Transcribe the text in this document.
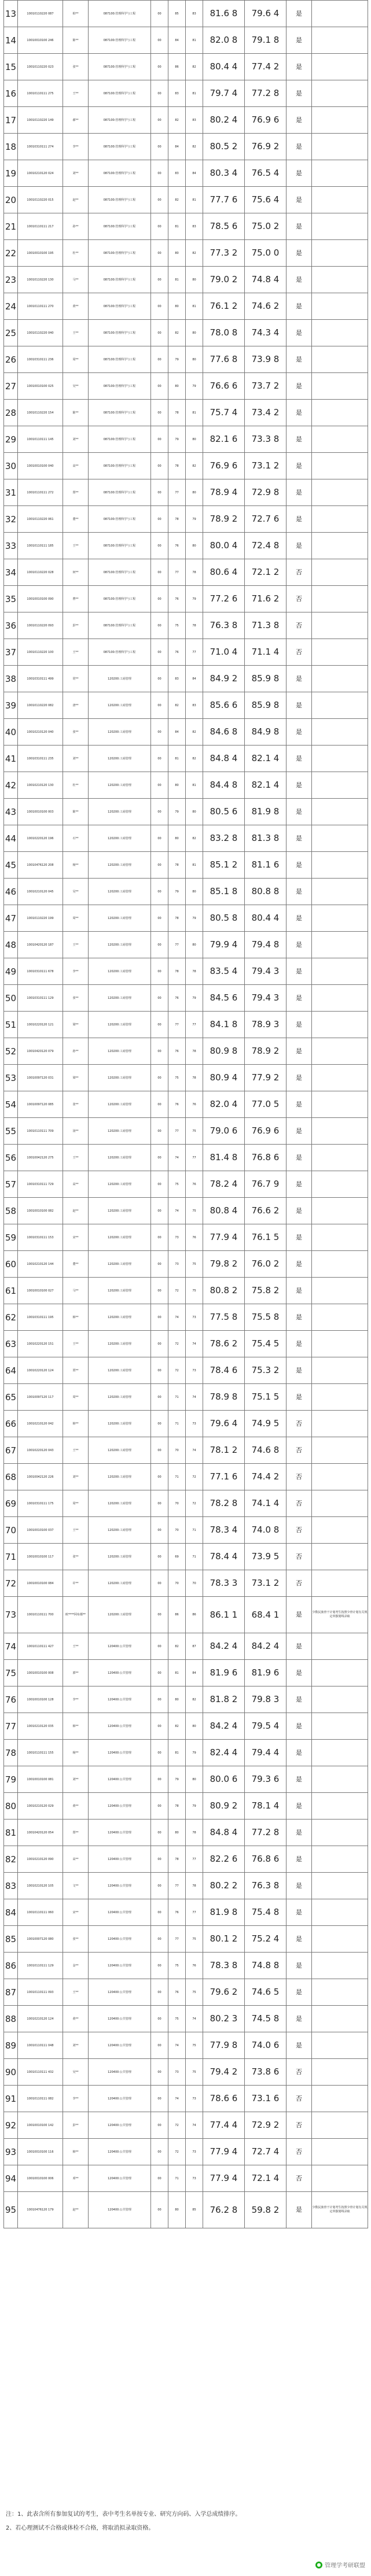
13	10010110220 087	柏**	087100:管理科学与工程	00	85	83	81.6 8	79.6 4	是	
14	10010010100 246	陈**	087100:管理科学与工程	00	84	81	82.0 8	79.1 8	是	
15	10010110220 023	张**	087100:管理科学与工程	00	86	82	80.4 4	77.4 2	是	
16	10010110111 275	王**	087100:管理科学与工程	00	83	81	79.7 4	77.2 8	是	
17	10010110220 149	郝**	087100:管理科学与工程	00	82	83	80.2 4	76.9 6	是	
18	10010310111 274	李**	087100:管理科学与工程	00	84	82	80.5 2	76.9 2	是	
19	10010210120 024	刘**	087100:管理科学与工程	00	83	84	80.3 4	76.5 4	是	
20	10010110220 015	赵**	087100:管理科学与工程	00	82	81	77.7 6	75.6 4	是	
21	10010110111 217	孙**	087100:管理科学与工程	00	81	83	78.5 6	75.0 2	是	
22	10010010100 195	杜**	087100:管理科学与工程	00	80	82	77.3 2	75.0 0	是	
23	10010110220 130	马**	087100:管理科学与工程	00	81	80	79.0 2	74.8 4	是	
24	10010110111 270	黄**	087100:管理科学与工程	00	80	81	76.1 2	74.6 2	是	
25	10010110220 040	王**	087100:管理科学与工程	00	82	80	78.0 8	74.3 4	是	
26	10010310111 236	周**	087100:管理科学与工程	00	79	80	77.6 8	73.9 8	是	
27	10010010100 025	吴**	087100:管理科学与工程	00	80	79	76.6 6	73.7 2	是	
28	10010110220 154	陈**	087100:管理科学与工程	00	78	81	75.7 4	73.4 2	是	
29	10010110111 145	刘**	087100:管理科学与工程	00	79	80	82.1 6	73.3 8	是	
30	10010010100 040	高**	087100:管理科学与工程	00	78	82	76.9 6	73.1 2	是	
31	10010110111 272	郑**	087100:管理科学与工程	00	77	80	78.9 4	72.9 8	是	
32	10010110220 061	董**	087100:管理科学与工程	00	78	79	78.9 2	72.7 6	是	
33	10010110111 185	王**	087100:管理科学与工程	00	76	80	80.0 4	72.4 8	是	
34	10010110220 028	何**	087100:管理科学与工程	00	77	78	80.6 4	72.1 2	否	
35	10010010100 090	曹**	087100:管理科学与工程	00	76	79	77.2 6	71.6 2	否	
36	10010110220 093	彭**	087100:管理科学与工程	00	75	78	76.3 8	71.3 8	否	
37	10010110220 100	王**	087100:管理科学与工程	00	76	77	71.0 4	71.1 4	否	
38	10010310111 499	常**	120200:工商管理	00	83	84	84.9 2	85.9 8	是	
39	10010110220 082	唐**	120200:工商管理	00	82	83	85.6 6	85.9 8	是	
40	10010210120 040	张**	120200:工商管理	00	84	82	84.6 8	84.9 8	是	
41	10010310111 235	刘**	120200:工商管理	00	81	82	84.8 4	82.1 4	是	
42	10010210120 130	杜**	120200:工商管理	00	80	81	84.4 8	82.1 4	是	
43	10010010100 003	陈**	120200:工商管理	00	79	80	80.5 6	81.9 8	是	
44	10010220120 196	石**	120200:工商管理	00	80	82	83.2 8	81.3 8	是	
45	10010476120 208	杨**	120200:工商管理	00	78	81	85.1 2	81.1 6	是	
46	10010210120 045	吴**	120200:工商管理	00	79	80	85.1 8	80.8 8	是	
47	10010110220 199	周**	120200:工商管理	00	78	79	80.5 8	80.4 4	是	
48	10010420120 187	王**	120200:工商管理	00	77	80	79.9 4	79.4 8	是	
49	10010310111 678	李**	120200:工商管理	00	78	78	83.5 4	79.4 3	是	
50	10010310111 129	张**	120200:工商管理	00	76	79	84.5 6	79.4 3	是	
51	10010220120 121	梁**	120200:工商管理	00	77	77	84.1 8	78.9 3	是	
52	10010420120 079	孙**	120200:工商管理	00	76	78	80.9 8	78.9 2	是	
53	10010097120 031	梁**	120200:工商管理	00	75	78	80.9 4	77.9 2	是	
54	10010097120 085	张**	120200:工商管理	00	76	76	82.0 4	77.0 5	是	
55	10010110111 709	汤**	120200:工商管理	00	77	75	79.0 6	76.9 6	是	
56	10010042120 275	王**	120200:工商管理	00	74	77	81.4 8	76.8 6	是	
57	10010310111 729	高**	120200:工商管理	00	75	76	78.2 4	76.7 9	是	
58	10010010100 082	赵**	120200:工商管理	00	74	75	80.8 4	76.6 2	是	
59	10010310111 153	宋**	120200:工商管理	00	73	76	77.9 4	76.1 5	是	
60	10010210120 144	董**	120200:工商管理	00	73	75	79.8 2	76.0 2	是	
61	10010010100 027	马**	120200:工商管理	00	72	75	80.8 2	75.8 2	是	
62	10010310111 195	韩**	120200:工商管理	00	74	73	77.5 8	75.5 8	是	
63	10010220120 151	王**	120200:工商管理	00	72	74	78.6 2	75.4 5	是	
64	10010220120 124	贾**	120200:工商管理	00	72	73	78.4 6	75.3 2	是	
65	10010097120 117	周**	120200:工商管理	00	71	74	78.9 8	75.1 5	是	
66	10010210120 042	韩**	120200:工商管理	00	71	73	79.6 4	74.9 5	否	
67	10010220120 043	王**	120200:工商管理	00	70	74	78.1 2	74.6 8	否	
68	10010042120 226	刘**	120200:工商管理	00	71	72	77.1 6	74.4 2	否	
69	10010310111 175	周**	120200:工商管理	00	70	72	78.2 8	74.1 4	否	
70	10010010100 037	王**	120200:工商管理	00	70	71	78.3 4	74.0 8	否	
71	10010010100 117	张**	120200:工商管理	00	69	71	78.4 4	73.9 5	否	
72	10010010100 084	许**	120200:工商管理	00	70	70	78.3 3	73.1 2	否	
73	10010110111 700	欧****阿布都**	120200:工商管理	00	86	86	86.1 1	68.4 1	是	少数民族骨干计划考生按照少骨计划有关规定单独划线录取
74	10010110111 427	王**	120400:公共管理	00	82	87	84.2 4	84.2 4	是	
75	10010010100 008	郭**	120400:公共管理	00	81	84	81.9 6	81.9 6	是	
76	10010010100 128	李**	120400:公共管理	00	80	82	81.8 2	79.8 3	是	
77	10010210120 035	韩**	120400:公共管理	00	82	80	84.2 4	79.5 4	是	
78	10010110111 155	杨**	120400:公共管理	00	81	79	82.4 4	79.4 4	是	
79	10010010100 081	刘**	120400:公共管理	00	79	80	80.0 6	79.3 6	是	
80	10010210120 029	黄**	120400:公共管理	00	78	79	80.9 2	78.1 4	是	
81	10010420120 054	郑**	120400:公共管理	00	80	78	84.8 4	77.2 8	是	
82	10010210120 090	高**	120400:公共管理	00	78	77	82.2 6	76.8 6	是	
83	10010210120 105	文**	120400:公共管理	00	77	78	80.2 2	76.3 8	是	
84	10010110111 060	宋**	120400:公共管理	00	76	77	81.9 8	75.4 8	是	
85	10010007120 080	张**	120400:公共管理	00	77	75	80.1 2	75.2 4	是	
86	10010110111 129	金**	120400:公共管理	00	75	76	78.3 8	74.8 8	是	
87	10010110111 093	王**	120400:公共管理	00	76	75	79.6 2	74.6 5	是	
88	10010210120 124	黄**	120400:公共管理	00	75	74	80.2 3	74.5 8	是	
89	10010110111 048	刘**	120400:公共管理	00	74	75	77.9 8	74.0 6	是	
90	10010110111 432	吴**	120400:公共管理	00	73	75	79.4 2	73.8 6	否	
91	10010110111 082	李**	120400:公共管理	00	74	73	78.6 6	73.1 6	否	
92	10010010100 142	彭**	120400:公共管理	00	72	74	77.4 4	72.9 2	否	
93	10010010100 116	韩**	120400:公共管理	00	72	73	77.9 4	72.7 4	否	
94	10010010100 006	邓**	120400:公共管理	00	71	73	77.9 4	72.1 4	否	
95	10010476120 179	赵**	120400:公共管理	00	80	85	76.2 8	59.8 2	是	少数民族骨干计划考生按照少骨计划有关规定单独划线录取

注：1、此表含所有参加复试的考生，表中考生名单按专业、研究方向码、入学总成绩排序。

2、若心理测试不合格或体检不合格，将取消拟录取资格。

● 管理学考研联盟
